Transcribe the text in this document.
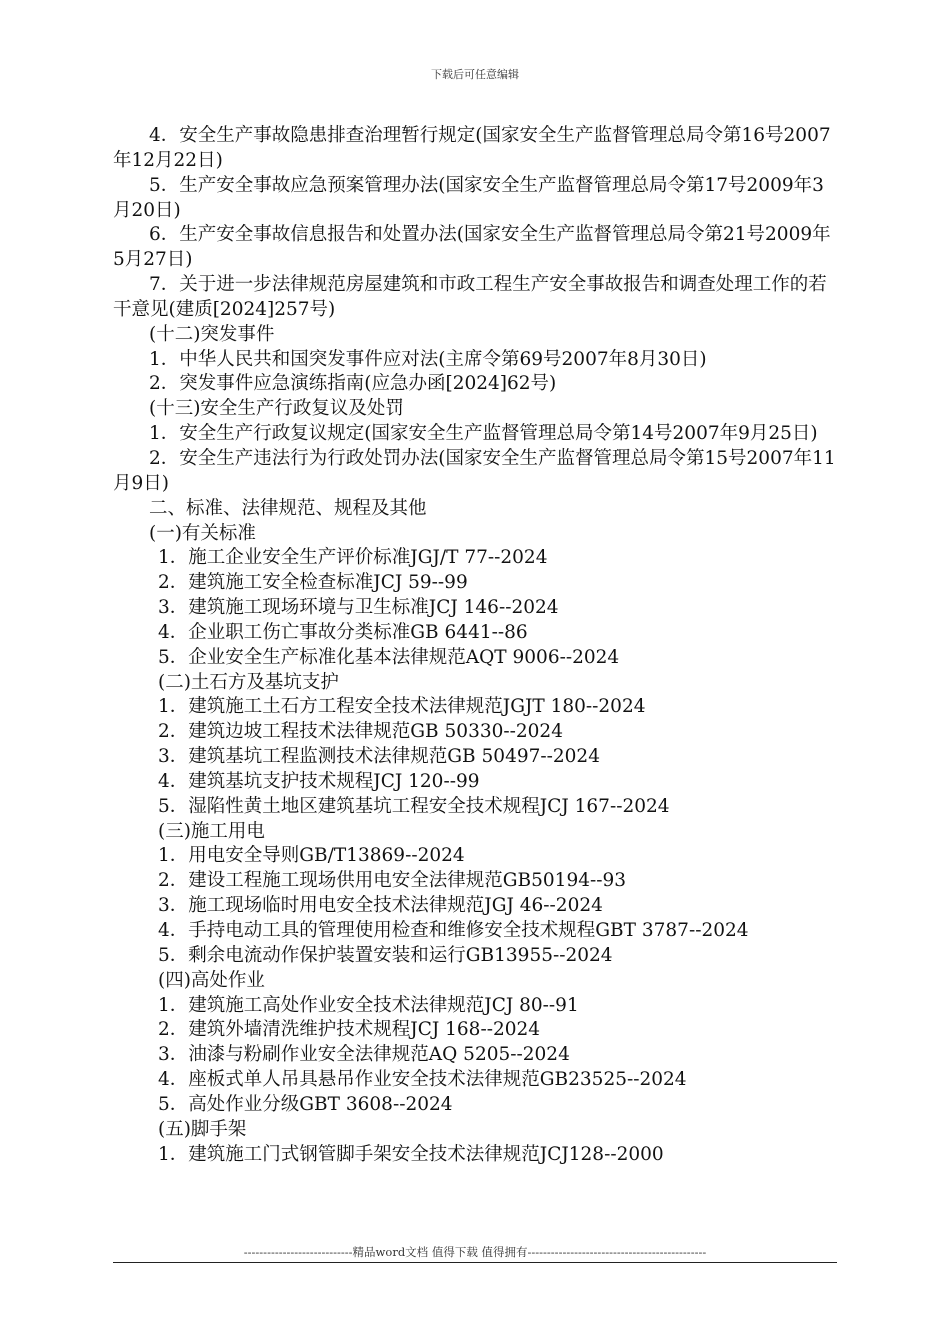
下载后可任意编辑
4．安全生产事故隐患排查治理暂行规定(国家安全生产监督管理总局令第16号2007年12月22日)
5．生产安全事故应急预案管理办法(国家安全生产监督管理总局令第17号2009年3月20日)
6．生产安全事故信息报告和处置办法(国家安全生产监督管理总局令第21号2009年5月27日)
7．关于进一步法律规范房屋建筑和市政工程生产安全事故报告和调查处理工作的若干意见(建质[2024]257号)
(十二)突发事件
1．中华人民共和国突发事件应对法(主席令第69号2007年8月30日)
2．突发事件应急演练指南(应急办函[2024]62号)
(十三)安全生产行政复议及处罚
1．安全生产行政复议规定(国家安全生产监督管理总局令第14号2007年9月25日)
2．安全生产违法行为行政处罚办法(国家安全生产监督管理总局令第15号2007年11月9日)
二、标准、法律规范、规程及其他
(一)有关标准
1．施工企业安全生产评价标准JGJ/T 77--2024
2．建筑施工安全检查标准JCJ 59--99
3．建筑施工现场环境与卫生标准JCJ 146--2024
4．企业职工伤亡事故分类标准GB 6441--86
5．企业安全生产标准化基本法律规范AQT 9006--2024
(二)土石方及基坑支护
1．建筑施工土石方工程安全技术法律规范JGJT 180--2024
2．建筑边坡工程技术法律规范GB 50330--2024
3．建筑基坑工程监测技术法律规范GB 50497--2024
4．建筑基坑支护技术规程JCJ 120--99
5．湿陷性黄土地区建筑基坑工程安全技术规程JCJ 167--2024
(三)施工用电
1．用电安全导则GB/T13869--2024
2．建设工程施工现场供用电安全法律规范GB50194--93
3．施工现场临时用电安全技术法律规范JGJ 46--2024
4．手持电动工具的管理使用检查和维修安全技术规程GBT 3787--2024
5．剩余电流动作保护装置安装和运行GB13955--2024
(四)高处作业
1．建筑施工高处作业安全技术法律规范JCJ 80--91
2．建筑外墙清洗维护技术规程JCJ 168--2024
3．油漆与粉刷作业安全法律规范AQ 5205--2024
4．座板式单人吊具悬吊作业安全技术法律规范GB23525--2024
5．高处作业分级GBT 3608--2024
(五)脚手架
1．建筑施工门式钢管脚手架安全技术法律规范JCJ128--2000
----------------------------精品word文档 值得下载 值得拥有----------------------------------------------
